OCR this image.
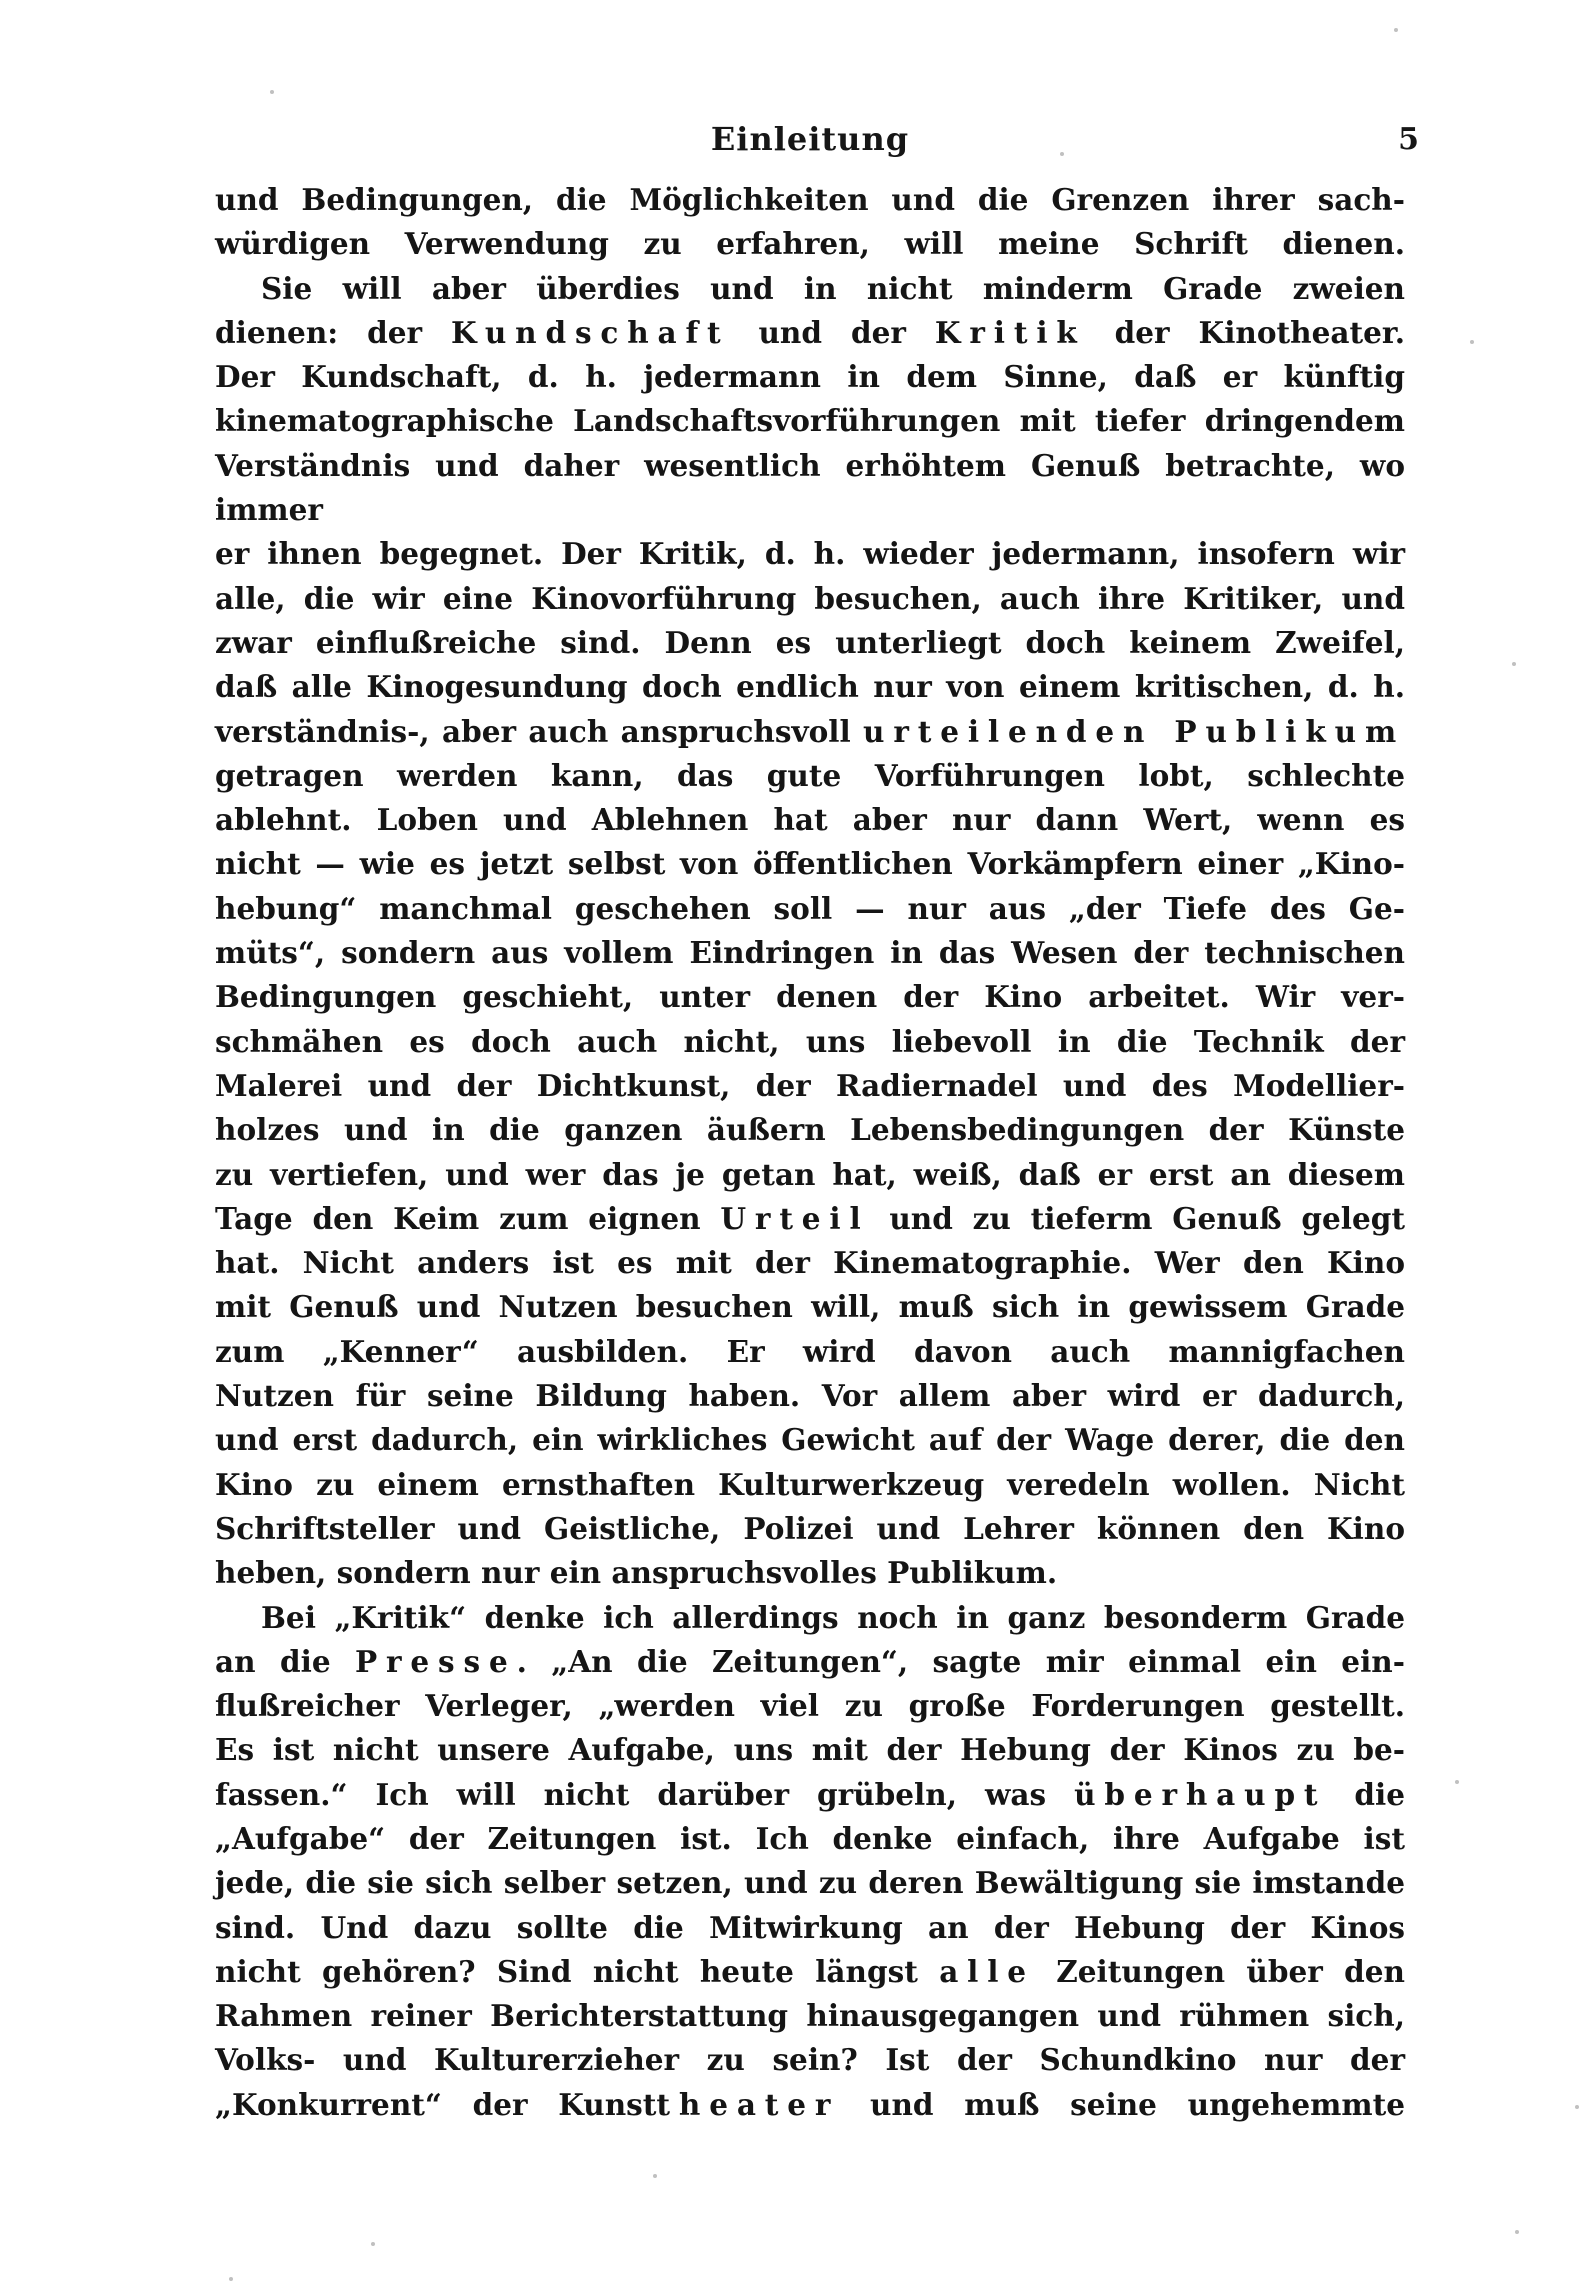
Einleitung	5
und Bedingungen, die Möglichkeiten und die Grenzen ihrer sach-
würdigen Verwendung zu erfahren, will meine Schrift dienen.
Sie will aber überdies und in nicht minderm Grade zweien
dienen: der Kundschaft und der Kritik der Kinotheater.
Der Kundschaft, d. h. jedermann in dem Sinne, daß er künftig
kinematographische Landschaftsvorführungen mit tiefer dringendem
Verständnis und daher wesentlich erhöhtem Genuß betrachte, wo immer
er ihnen begegnet. Der Kritik, d. h. wieder jedermann, insofern wir
alle, die wir eine Kinovorführung besuchen, auch ihre Kritiker, und
zwar einflußreiche sind. Denn es unterliegt doch keinem Zweifel,
daß alle Kinogesundung doch endlich nur von einem kritischen, d. h.
verständnis-, aber auch anspruchsvoll urteilenden Publikum
getragen werden kann, das gute Vorführungen lobt, schlechte
ablehnt. Loben und Ablehnen hat aber nur dann Wert, wenn es
nicht — wie es jetzt selbst von öffentlichen Vorkämpfern einer „Kino-
hebung“ manchmal geschehen soll — nur aus „der Tiefe des Ge-
müts“, sondern aus vollem Eindringen in das Wesen der technischen
Bedingungen geschieht, unter denen der Kino arbeitet. Wir ver-
schmähen es doch auch nicht, uns liebevoll in die Technik der
Malerei und der Dichtkunst, der Radiernadel und des Modellier-
holzes und in die ganzen äußern Lebensbedingungen der Künste
zu vertiefen, und wer das je getan hat, weiß, daß er erst an diesem
Tage den Keim zum eignen Urteil und zu tieferm Genuß gelegt
hat. Nicht anders ist es mit der Kinematographie. Wer den Kino
mit Genuß und Nutzen besuchen will, muß sich in gewissem Grade
zum „Kenner“ ausbilden. Er wird davon auch mannigfachen
Nutzen für seine Bildung haben. Vor allem aber wird er dadurch,
und erst dadurch, ein wirkliches Gewicht auf der Wage derer, die den
Kino zu einem ernsthaften Kulturwerkzeug veredeln wollen. Nicht
Schriftsteller und Geistliche, Polizei und Lehrer können den Kino
heben, sondern nur ein anspruchsvolles Publikum.
Bei „Kritik“ denke ich allerdings noch in ganz besonderm Grade
an die Presse. „An die Zeitungen“, sagte mir einmal ein ein-
flußreicher Verleger, „werden viel zu große Forderungen gestellt.
Es ist nicht unsere Aufgabe, uns mit der Hebung der Kinos zu be-
fassen.“ Ich will nicht darüber grübeln, was überhaupt die
„Aufgabe“ der Zeitungen ist. Ich denke einfach, ihre Aufgabe ist
jede, die sie sich selber setzen, und zu deren Bewältigung sie imstande
sind. Und dazu sollte die Mitwirkung an der Hebung der Kinos
nicht gehören? Sind nicht heute längst alle Zeitungen über den
Rahmen reiner Berichterstattung hinausgegangen und rühmen sich,
Volks- und Kulturerzieher zu sein? Ist der Schundkino nur der
„Konkurrent“ der Kunsttheater und muß seine ungehemmte
